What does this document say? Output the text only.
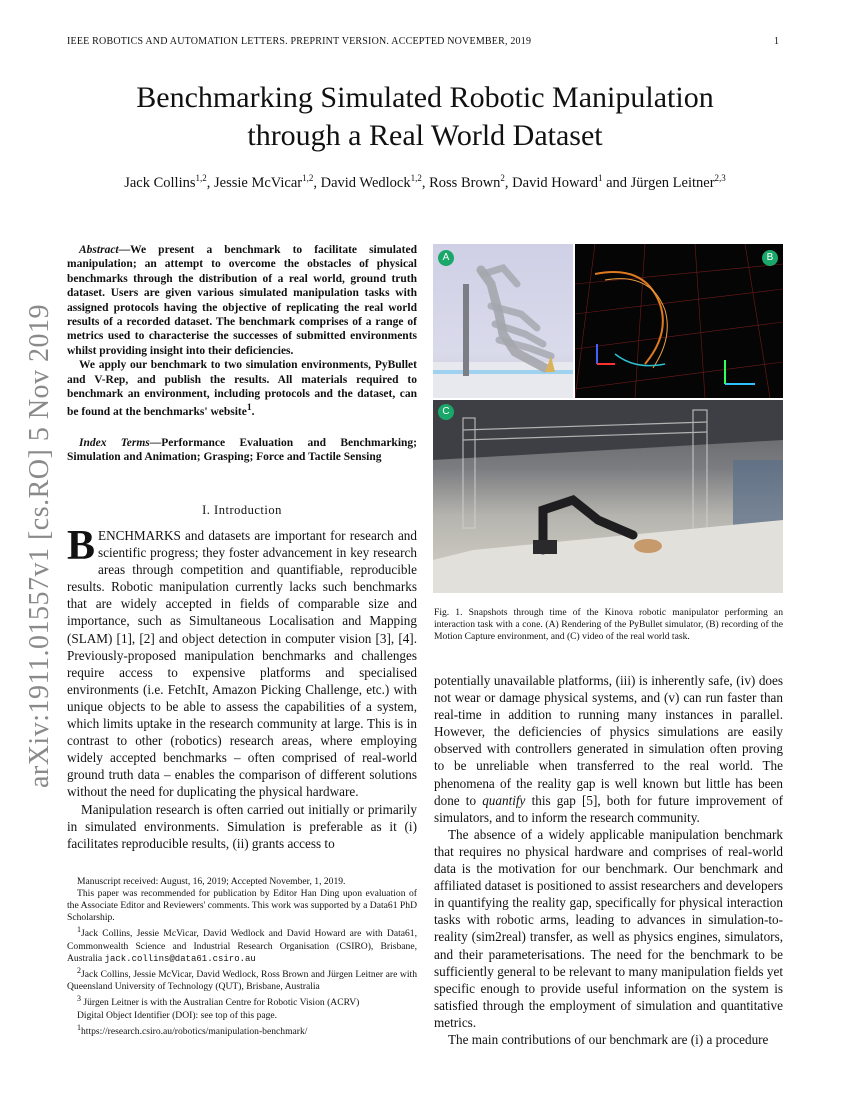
IEEE ROBOTICS AND AUTOMATION LETTERS. PREPRINT VERSION. ACCEPTED NOVEMBER, 2019	1
Benchmarking Simulated Robotic Manipulation
through a Real World Dataset
Jack Collins$^{1,2}$, Jessie McVicar$^{1,2}$, David Wedlock$^{1,2}$, Ross Brown$^2$, David Howard$^1$ and Jürgen Leitner$^{2,3}$
arXiv:1911.01557v1 [cs.RO] 5 Nov 2019

Abstract—We present a benchmark to facilitate simulated manipulation; an attempt to overcome the obstacles of physical benchmarks through the distribution of a real world, ground truth dataset. Users are given various simulated manipulation tasks with assigned protocols having the objective of replicating the real world results of a recorded dataset. The benchmark comprises of a range of metrics used to characterise the successes of submitted environments whilst providing insight into their deficiencies.

We apply our benchmark to two simulation environments, PyBullet and V-Rep, and publish the results. All materials required to benchmark an environment, including protocols and the dataset, can be found at the benchmarks' website$^1$.

Index Terms—Performance Evaluation and Benchmarking; Simulation and Animation; Grasping; Force and Tactile Sensing
I. Introduction

BENCHMARKS and datasets are important for research and scientific progress; they foster advancement in key research areas through competition and quantifiable, reproducible results. Robotic manipulation currently lacks such benchmarks that are widely accepted in fields of comparable size and importance, such as Simultaneous Localisation and Mapping (SLAM) [1], [2] and object detection in computer vision [3], [4]. Previously-proposed manipulation benchmarks and challenges require access to expensive platforms and specialised environments (i.e. FetchIt, Amazon Picking Challenge, etc.) with unique objects to be able to assess the capabilities of a system, which limits uptake in the research community at large. This is in contrast to other (robotics) research areas, where employing widely accepted benchmarks – often comprised of real-world ground truth data – enables the comparison of different solutions without the need for duplicating the physical hardware.

Manipulation research is often carried out initially or primarily in simulated environments. Simulation is preferable as it (i) facilitates reproducible results, (ii) grants access to

Manuscript received: August, 16, 2019; Accepted November, 1, 2019.

This paper was recommended for publication by Editor Han Ding upon evaluation of the Associate Editor and Reviewers' comments. This work was supported by a Data61 PhD Scholarship.

$^1$Jack Collins, Jessie McVicar, David Wedlock and David Howard are with Data61, Commonwealth Science and Industrial Research Organisation (CSIRO), Brisbane, Australia jack.collins@data61.csiro.au

$^2$Jack Collins, Jessie McVicar, David Wedlock, Ross Brown and Jürgen Leitner are with Queensland University of Technology (QUT), Brisbane, Australia

$^3$ Jürgen Leitner is with the Australian Centre for Robotic Vision (ACRV)

Digital Object Identifier (DOI): see top of this page.

$^1$https://research.csiro.au/robotics/manipulation-benchmark/

A	B
C
Fig. 1. Snapshots through time of the Kinova robotic manipulator performing an interaction task with a cone. (A) Rendering of the PyBullet simulator, (B) recording of the Motion Capture environment, and (C) video of the real world task.

potentially unavailable platforms, (iii) is inherently safe, (iv) does not wear or damage physical systems, and (v) can run faster than real-time in addition to running many instances in parallel. However, the deficiencies of physics simulations are easily observed with controllers generated in simulation often proving to be unreliable when transferred to the real world. The phenomena of the reality gap is well known but little has been done to quantify this gap [5], both for future improvement of simulators, and to inform the research community.

The absence of a widely applicable manipulation benchmark that requires no physical hardware and comprises of real-world data is the motivation for our benchmark. Our benchmark and affiliated dataset is positioned to assist researchers and developers in quantifying the reality gap, specifically for physical interaction tasks with robotic arms, leading to advances in simulation-to-reality (sim2real) transfer, as well as physics engines, simulators, and their parameterisations. The need for the benchmark to be sufficiently general to be relevant to many manipulation fields yet specific enough to provide useful information on the system is satisfied through the employment of simulation and quantitative metrics.

The main contributions of our benchmark are (i) a procedure
